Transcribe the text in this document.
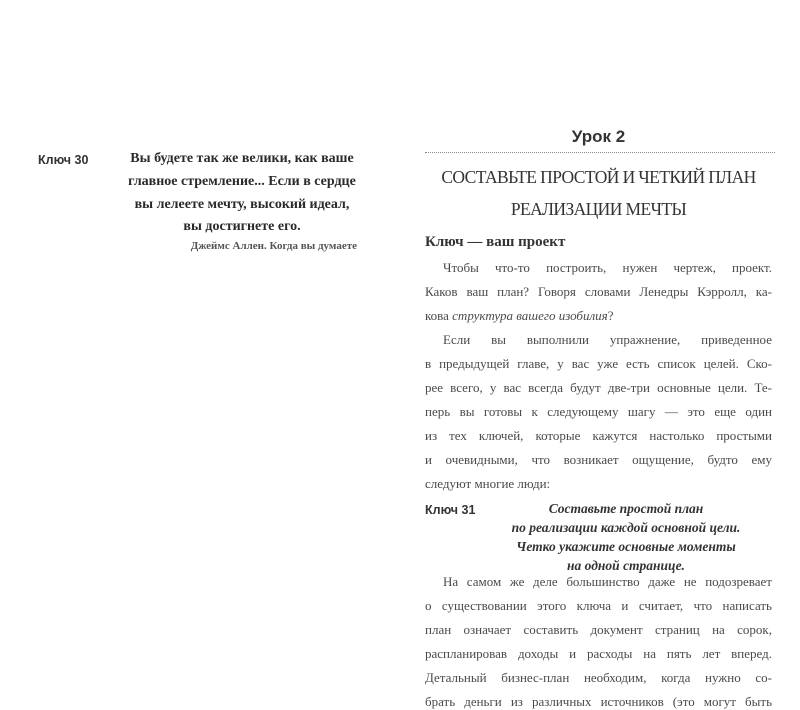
Ключ 30	Вы будете так же велики, как ваше
главное стремление... Если в сердце
вы лелеете мечту, высокий идеал,
вы достигнете его.
Джеймс Аллен. Когда вы думаете
Урок 2
СОСТАВЬТЕ ПРОСТОЙ И ЧЕТКИЙ ПЛАН
РЕАЛИЗАЦИИ МЕЧТЫ
Ключ — ваш проект
Чтобы что-то построить, нужен чертеж, проект.
Каков ваш план? Говоря словами Ленедры Кэрролл, ка-
кова структура вашего изобилия?
Если вы выполнили упражнение, приведенное
в предыдущей главе, у вас уже есть список целей. Ско-
рее всего, у вас всегда будут две-три основные цели. Те-
перь вы готовы к следующему шагу — это еще один
из тех ключей, которые кажутся настолько простыми
и очевидными, что возникает ощущение, будто ему
следуют многие люди:
Ключ 31	Составьте простой план
по реализации каждой основной цели.
Четко укажите основные моменты
на одной странице.
На самом же деле большинство даже не подозревает
о существовании этого ключа и считает, что написать
план означает составить документ страниц на сорок,
распланировав доходы и расходы на пять лет вперед.
Детальный бизнес-план необходим, когда нужно со-
брать деньги из различных источников (это могут быть
